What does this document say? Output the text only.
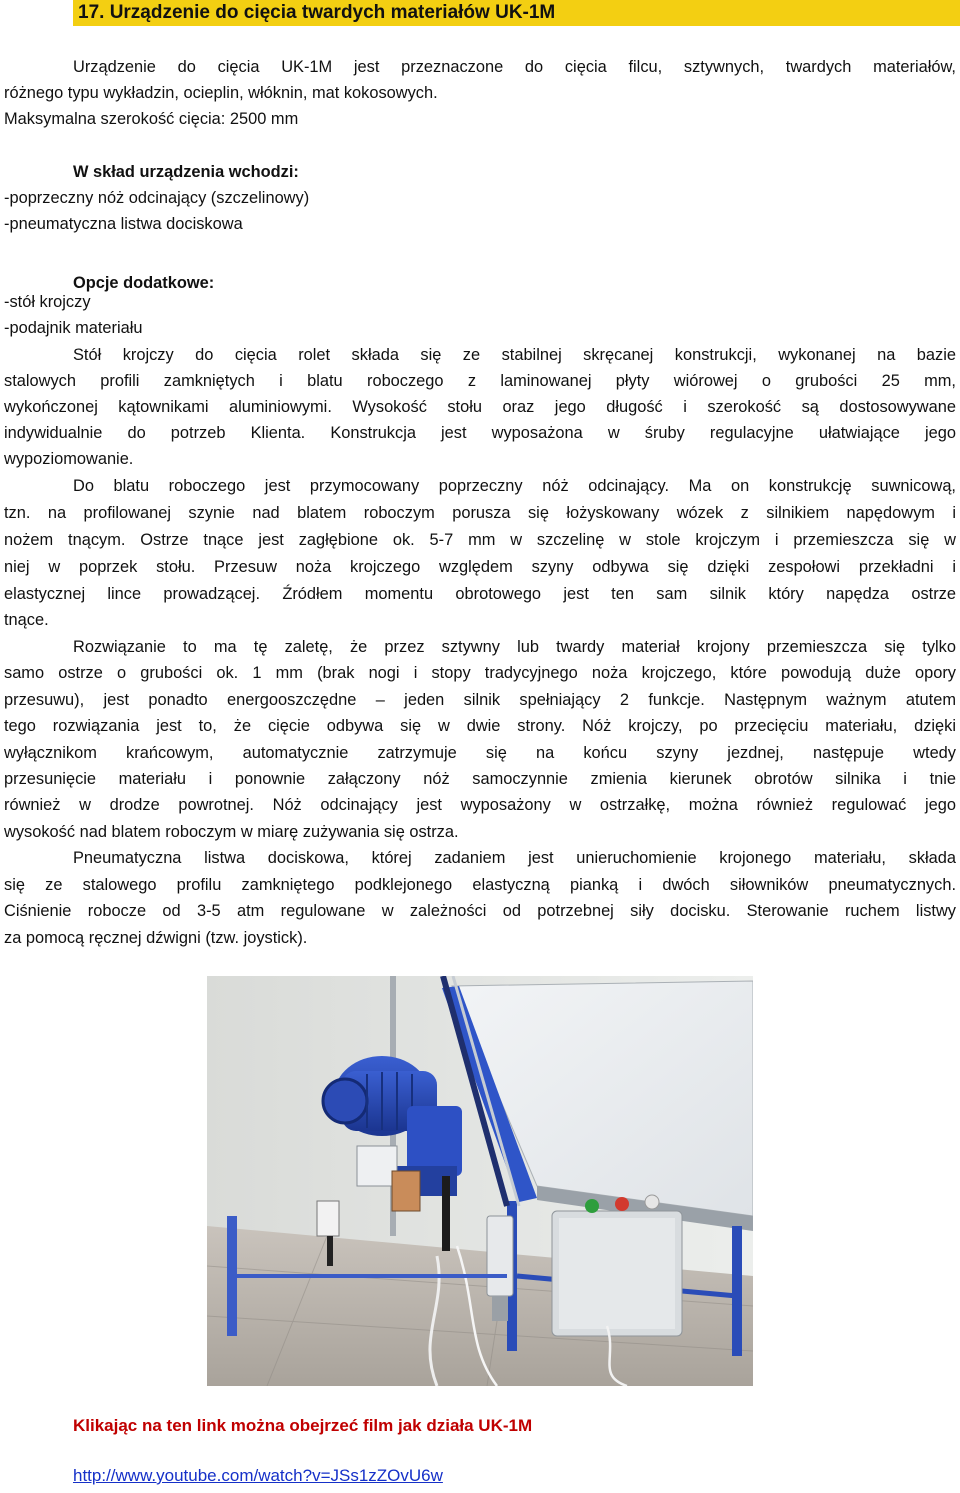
17. Urządzenie do cięcia twardych materiałów UK-1M
Urządzenie do cięcia UK-1M jest przeznaczone do cięcia filcu, sztywnych, twardych materiałów,
różnego typu wykładzin, ocieplin, włóknin, mat kokosowych.
Maksymalna szerokość cięcia: 2500 mm
W skład urządzenia wchodzi:
-poprzeczny nóż odcinający (szczelinowy)
-pneumatyczna listwa dociskowa
Opcje dodatkowe:
-stół krojczy
-podajnik materiału
Stół krojczy do cięcia rolet składa się ze stabilnej skręcanej konstrukcji, wykonanej na bazie
stalowych profili zamkniętych i blatu roboczego z laminowanej płyty wiórowej o grubości 25 mm,
wykończonej kątownikami aluminiowymi. Wysokość stołu oraz jego długość i szerokość są dostosowywane
indywidualnie do potrzeb Klienta. Konstrukcja jest wyposażona w śruby regulacyjne ułatwiające jego
wypoziomowanie.
Do blatu roboczego jest przymocowany poprzeczny nóż odcinający. Ma on konstrukcję suwnicową,
tzn. na profilowanej szynie nad blatem roboczym porusza się łożyskowany wózek z silnikiem napędowym i
nożem tnącym. Ostrze tnące jest zagłębione ok. 5-7 mm w szczelinę w stole krojczym i przemieszcza się w
niej w poprzek stołu. Przesuw noża krojczego względem szyny odbywa się dzięki zespołowi przekładni i
elastycznej lince prowadzącej. Źródłem momentu obrotowego jest ten sam silnik który napędza ostrze
tnące.
Rozwiązanie to ma tę zaletę, że przez sztywny lub twardy materiał krojony przemieszcza się tylko
samo ostrze o grubości ok. 1 mm (brak nogi i stopy tradycyjnego noża krojczego, które powodują duże opory
przesuwu), jest ponadto energooszczędne – jeden silnik spełniający 2 funkcje. Następnym ważnym atutem
tego rozwiązania jest to, że cięcie odbywa się w dwie strony. Nóż krojczy, po przecięciu materiału, dzięki
wyłącznikom krańcowym, automatycznie zatrzymuje się na końcu szyny jezdnej, następuje wtedy
przesunięcie materiału i ponownie załączony nóż samoczynnie zmienia kierunek obrotów silnika i tnie
również w drodze powrotnej. Nóż odcinający jest wyposażony w ostrzałkę, można również regulować jego
wysokość nad blatem roboczym w miarę zużywania się ostrza.
Pneumatyczna listwa dociskowa, której zadaniem jest unieruchomienie krojonego materiału, składa
się ze stalowego profilu zamkniętego podklejonego elastyczną pianką i dwóch siłowników pneumatycznych.
Ciśnienie robocze od 3-5 atm regulowane w zależności od potrzebnej siły docisku. Sterowanie ruchem listwy
za pomocą ręcznej dźwigni (tzw. joystick).
Klikając na ten link można obejrzeć film jak działa UK-1M
http://www.youtube.com/watch?v=JSs1zZOvU6w
